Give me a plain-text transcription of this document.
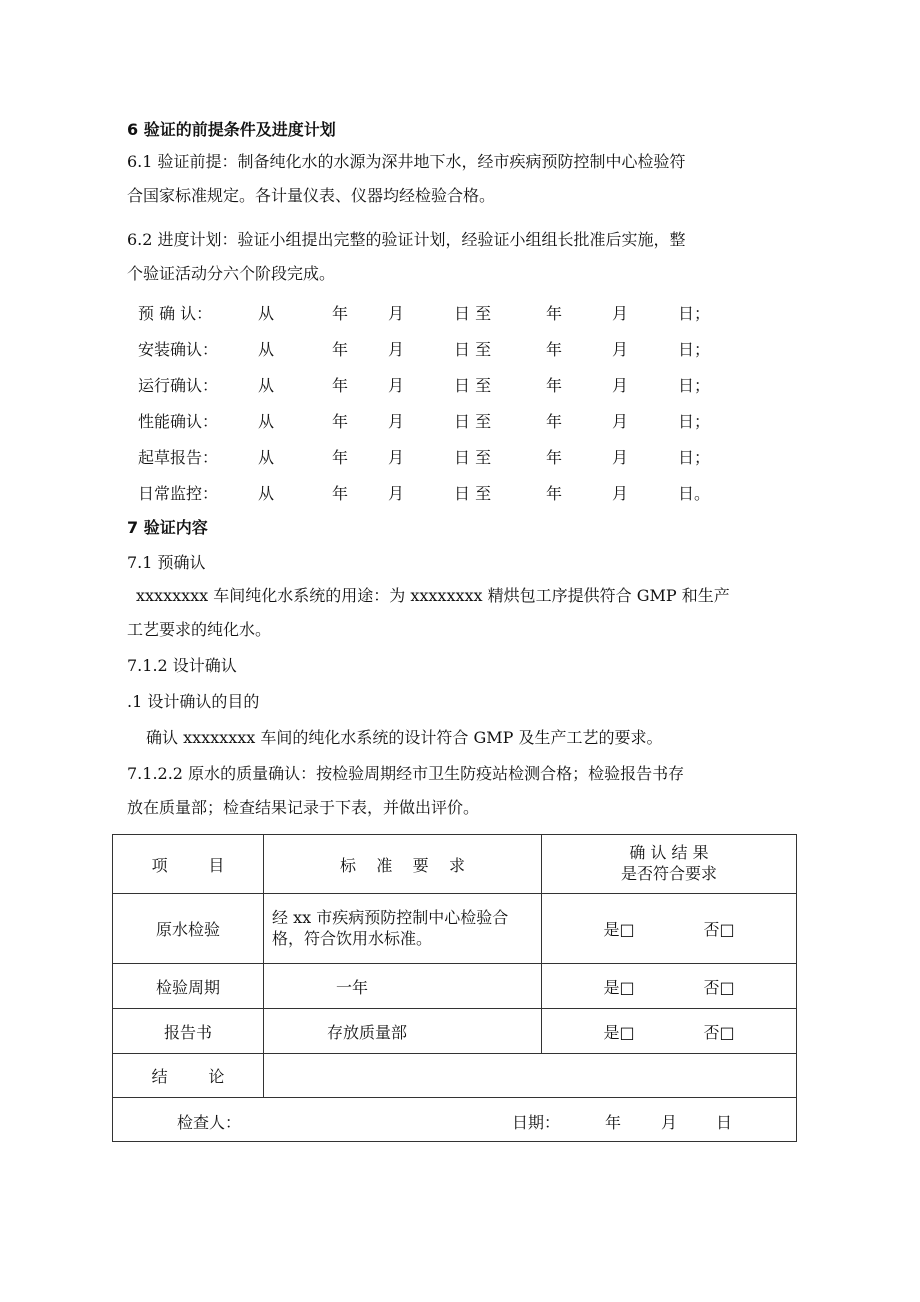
6 验证的前提条件及进度计划
6.1 验证前提：制备纯化水的水源为深井地下水，经市疾病预防控制中心检验符
合国家标准规定。各计量仪表、仪器均经检验合格。
6.2 进度计划：验证小组提出完整的验证计划，经验证小组组长批准后实施，整
个验证活动分六个阶段完成。
预 确 认：	从	年 月	日 至	年	月	日；
安装确认： 从	年 月	日 至	年	月	日；
运行确认： 从	年 月	日 至	年	月	日；
性能确认： 从	年 月	日 至	年	月	日；
起草报告： 从	年 月	日 至	年	月	日；
日常监控： 从	年 月	日 至	年	月	日。
7 验证内容
7.1 预确认
xxxxxxxx 车间纯化水系统的用途：为 xxxxxxxx 精烘包工序提供符合 GMP 和生产
工艺要求的纯化水。
7.1.2 设计确认
.1 设计确认的目的
确认 xxxxxxxx 车间的纯化水系统的设计符合 GMP 及生产工艺的要求。
7.1.2.2 原水的质量确认：按检验周期经市卫生防疫站检测合格；检验报告书存
放在质量部；检查结果记录于下表，并做出评价。
项        目	标    准    要    求	确 认 结 果
是否符合要求

原水检验	经 xx 市疾病预防控制中心检验合格，符合饮用水标准。	是□ 否□
检验周期	一年	是□ 否□
报告书	存放质量部	是□ 否□
结        论		

检查人： 日期： 年 月 日		
